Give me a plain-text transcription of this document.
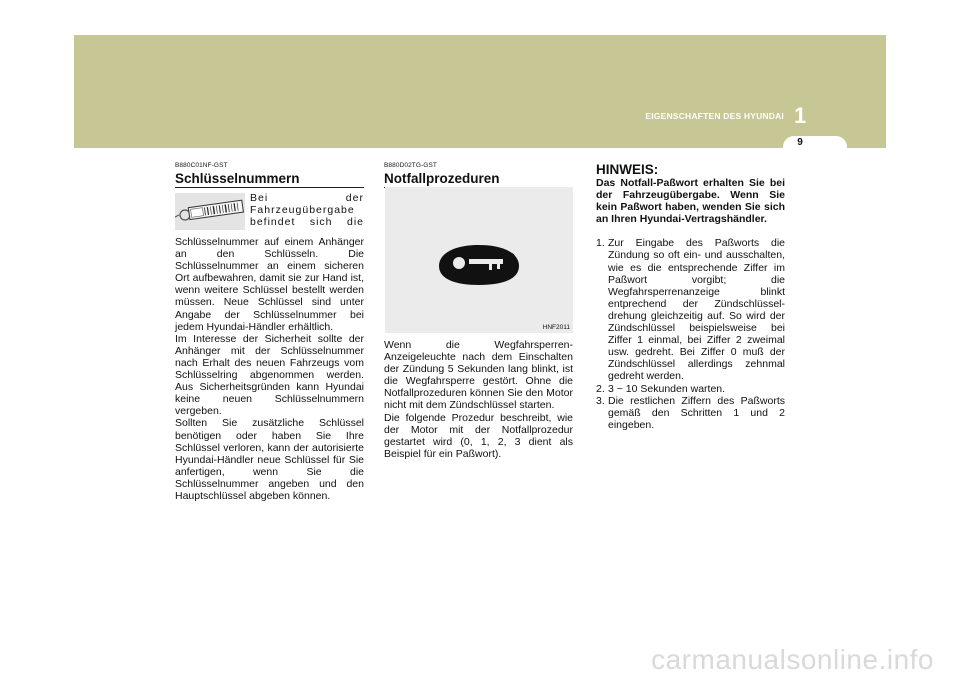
EIGENSCHAFTEN DES HYUNDAI 1
9
B880C01NF-GST
Schlüsselnummern

Bei der Fahrzeugübergabe befindet sich die

Schlüsselnummer auf einem Anhänger an den Schlüsseln. Die Schlüsselnummer an einem sicheren Ort aufbewahren, damit sie zur Hand ist, wenn weitere Schlüssel bestellt werden müssen. Neue Schlüssel sind unter Angabe der Schlüsselnummer bei jedem Hyundai-Händler erhältlich.

Im Interesse der Sicherheit sollte der Anhänger mit der Schlüsselnummer nach Erhalt des neuen Fahrzeugs vom Schlüsselring abgenommen werden. Aus Sicherheitsgründen kann Hyundai keine neuen Schlüsselnummern vergeben.

Sollten Sie zusätzliche Schlüssel benötigen oder haben Sie Ihre Schlüssel verloren, kann der autorisierte Hyundai-Händler neue Schlüssel für Sie anfertigen, wenn Sie die Schlüsselnummer angeben und den Hauptschlüssel abgeben können.

B880D02TG-GST
Notfallprozeduren
HNF2011

Wenn die Wegfahrsperren-Anzeigeleuchte nach dem Einschalten der Zündung 5 Sekunden lang blinkt, ist die Wegfahrsperre gestört. Ohne die Notfallprozeduren können Sie den Motor nicht mit dem Zündschlüssel starten.

Die folgende Prozedur beschreibt, wie der Motor mit der Notfallprozedur gestartet wird (0, 1, 2, 3 dient als Beispiel für ein Paßwort).

HINWEIS:
Das Notfall-Paßwort erhalten Sie bei der Fahrzeugübergabe. Wenn Sie kein Paßwort haben, wenden Sie sich an Ihren Hyundai-Vertragshändler.
1. Zur Eingabe des Paßworts die Zündung so oft ein- und ausschalten, wie es die entsprechende Ziffer im Paßwort vorgibt; die Wegfahrsperrenanzeige blinkt entprechend der Zündschlüssel-drehung gleichzeitig auf. So wird der Zündschlüssel beispielsweise bei Ziffer 1 einmal, bei Ziffer 2 zweimal usw. gedreht. Bei Ziffer 0 muß der Zündschlüssel allerdings zehnmal gedreht werden.
2. 3 ~ 10 Sekunden warten.
3. Die restlichen Ziffern des Paßworts gemäß den Schritten 1 und 2 eingeben.
carmanualsonline.info
